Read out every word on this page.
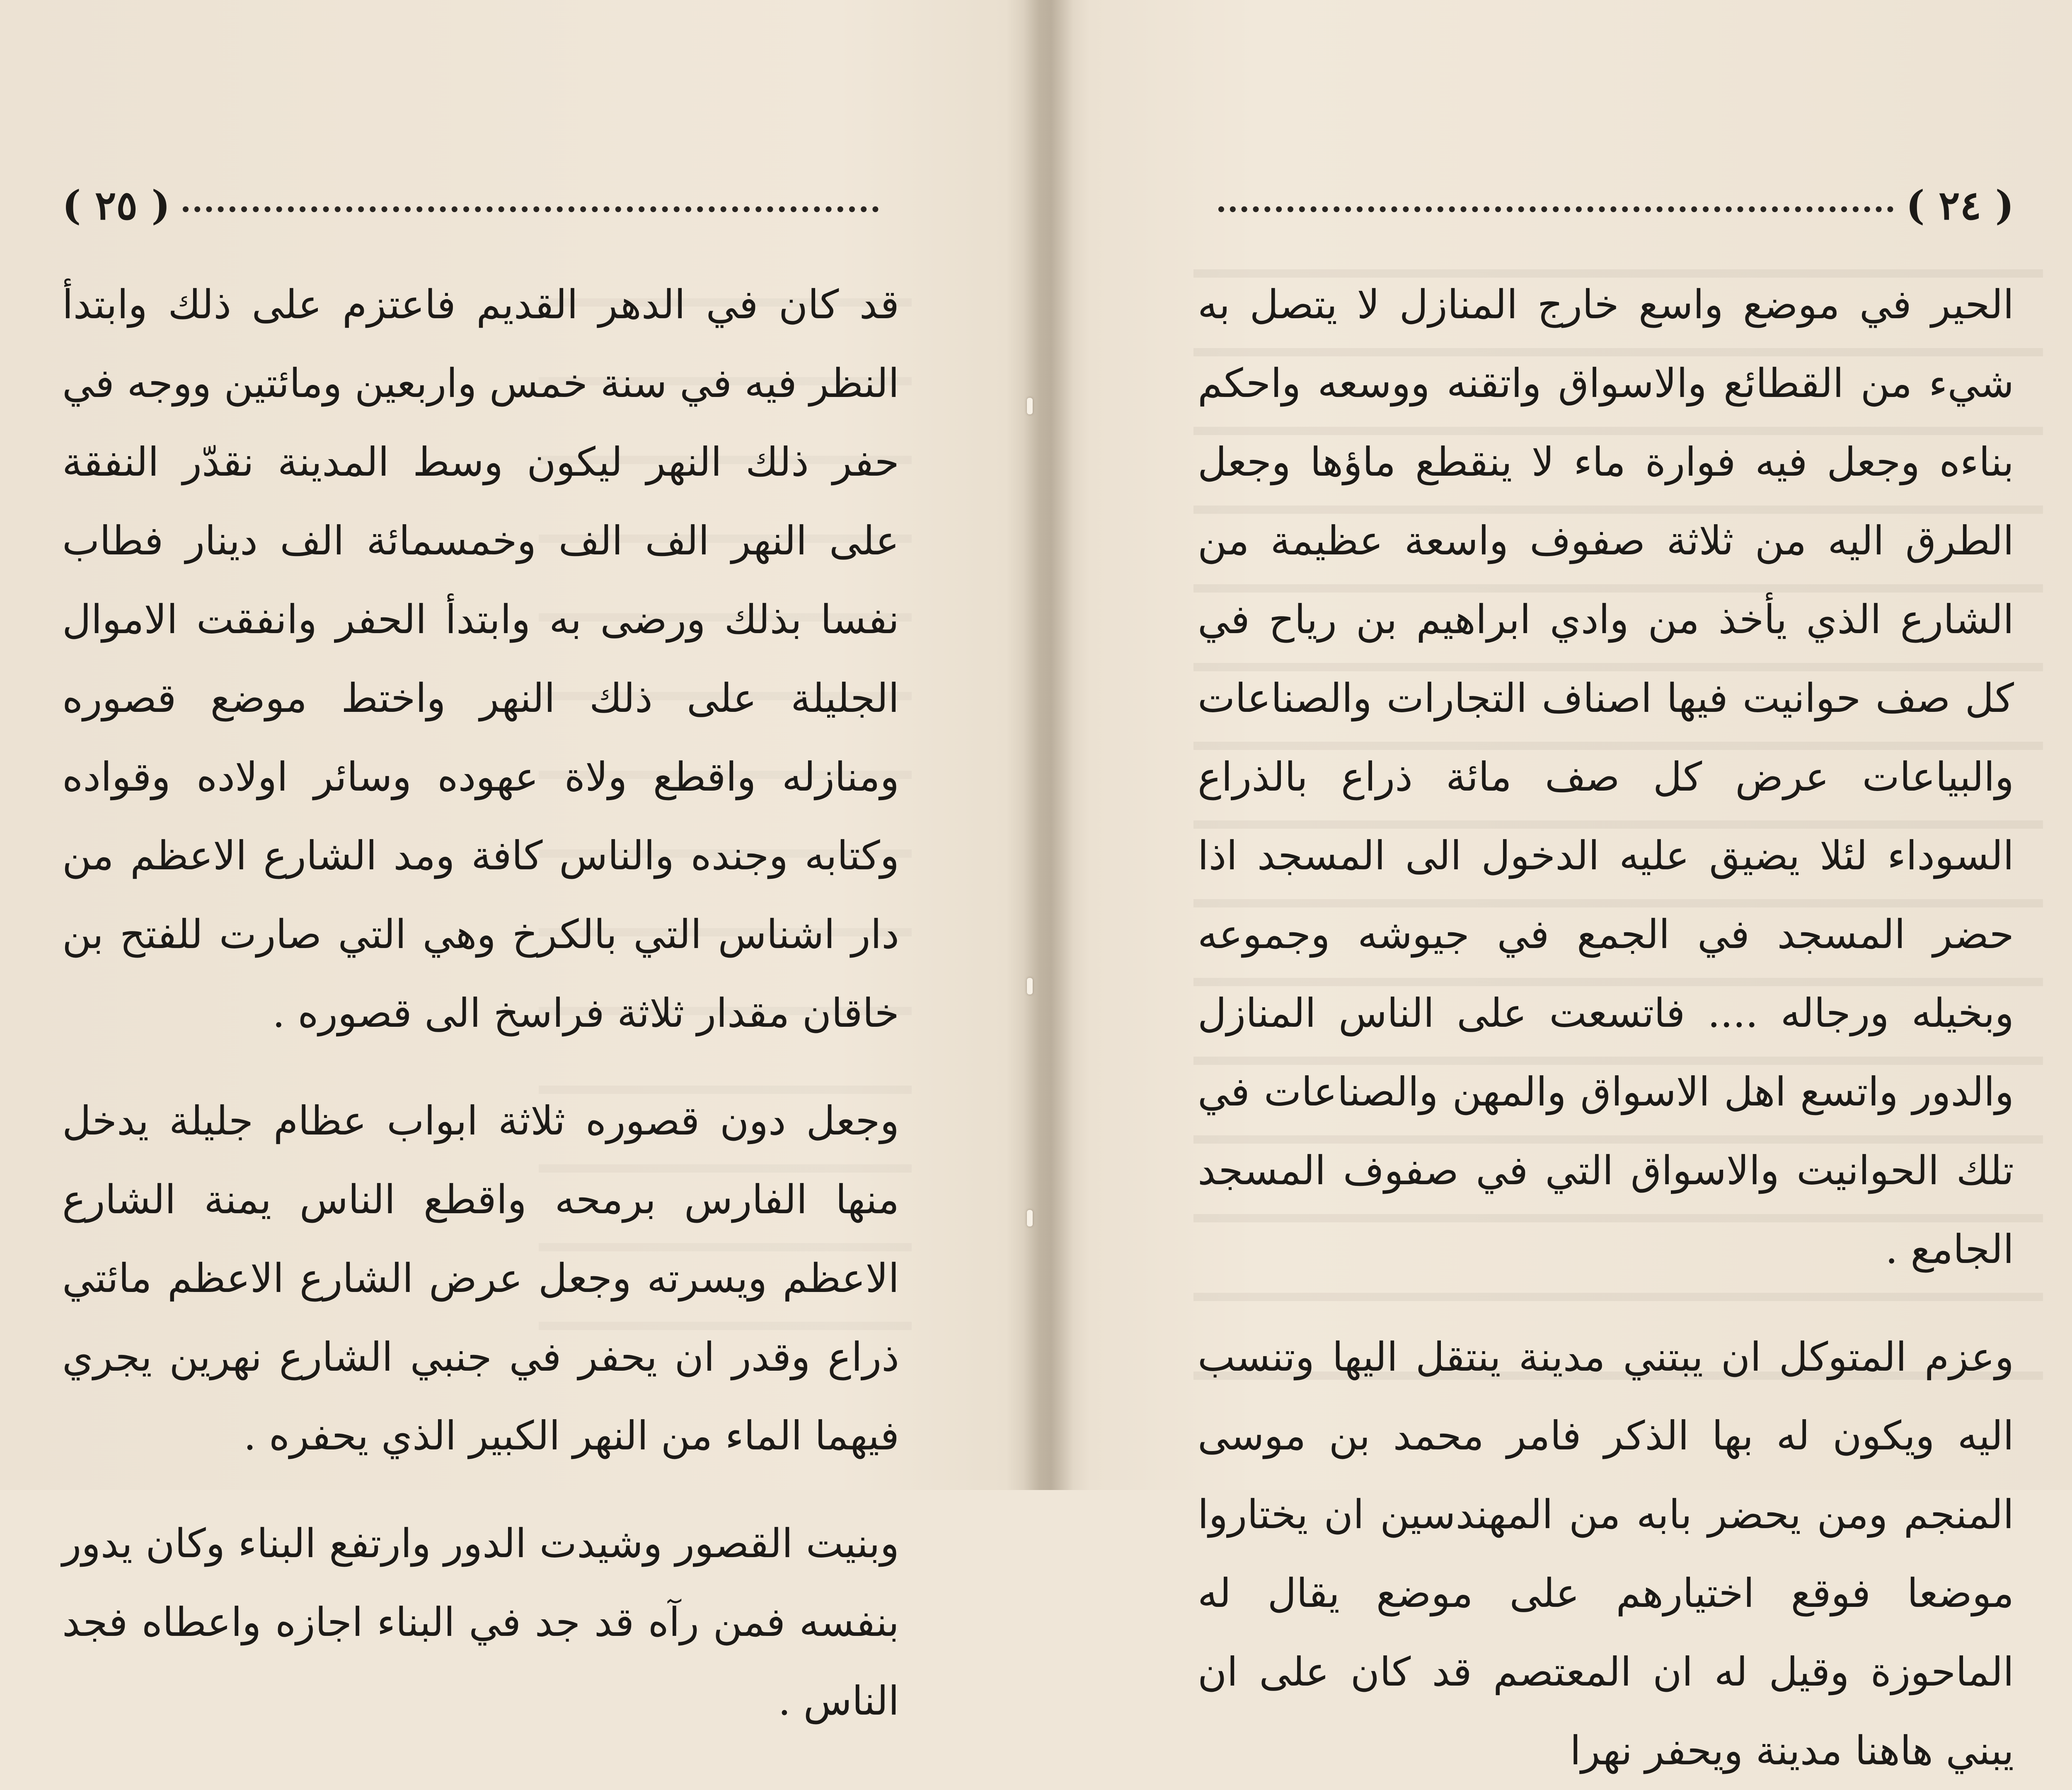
( ٢٥ )

قد كان في الدهر القديم فاعتزم على ذلك وابتدأ النظر فيه في سنة خمس واربعين ومائتين ووجه في حفر ذلك النهر ليكون وسط المدينة نقدّر النفقة على النهر الف الف وخمسمائة الف دينار فطاب نفسا بذلك ورضى به وابتدأ الحفر وانفقت الاموال الجليلة على ذلك النهر واختط موضع قصوره ومنازله واقطع ولاة عهوده وسائر اولاده وقواده وكتابه وجنده والناس كافة ومد الشارع الاعظم من دار اشناس التي بالكرخ وهي التي صارت للفتح بن خاقان مقدار ثلاثة فراسخ الى قصوره .

وجعل دون قصوره ثلاثة ابواب عظام جليلة يدخل منها الفارس برمحه واقطع الناس يمنة الشارع الاعظم ويسرته وجعل عرض الشارع الاعظم مائتي ذراع وقدر ان يحفر في جنبي الشارع نهرين يجري فيهما الماء من النهر الكبير الذي يحفره .

وبنيت القصور وشيدت الدور وارتفع البناء وكان يدور بنفسه فمن رآه قد جد في البناء اجازه واعطاه فجد الناس .

( ٢٤ )

الحير في موضع واسع خارج المنازل لا يتصل به شيء من القطائع والاسواق واتقنه ووسعه واحكم بناءه وجعل فيه فوارة ماء لا ينقطع ماؤها وجعل الطرق اليه من ثلاثة صفوف واسعة عظيمة من الشارع الذي يأخذ من وادي ابراهيم بن رياح في كل صف حوانيت فيها اصناف التجارات والصناعات والبياعات عرض كل صف مائة ذراع بالذراع السوداء لئلا يضيق عليه الدخول الى المسجد اذا حضر المسجد في الجمع في جيوشه وجموعه وبخيله ورجاله .... فاتسعت على الناس المنازل والدور واتسع اهل الاسواق والمهن والصناعات في تلك الحوانيت والاسواق التي في صفوف المسجد الجامع .

وعزم المتوكل ان يبتني مدينة ينتقل اليها وتنسب اليه ويكون له بها الذكر فامر محمد بن موسى المنجم ومن يحضر بابه من المهندسين ان يختاروا موضعا فوقع اختيارهم على موضع يقال له الماحوزة وقيل له ان المعتصم قد كان على ان يبني هاهنا مدينة ويحفر نهرا
